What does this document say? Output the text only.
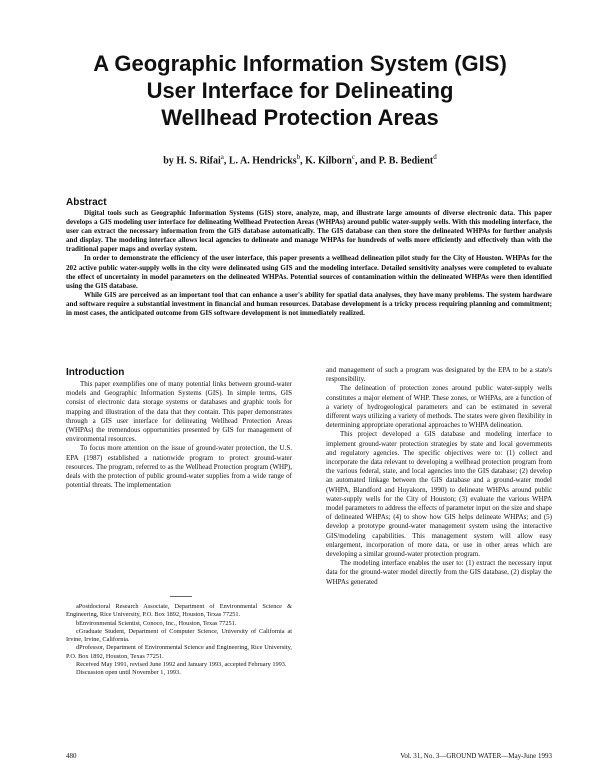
A Geographic Information System (GIS)
User Interface for Delineating
Wellhead Protection Areas
by H. S. Rifai$^a$, L. A. Hendricks$^b$, K. Kilborn$^c$, and P. B. Bedient$^d$
Abstract

Digital tools such as Geographic Information Systems (GIS) store, analyze, map, and illustrate large amounts of diverse electronic data. This paper develops a GIS modeling user interface for delineating Wellhead Protection Areas (WHPAs) around public water-supply wells. With this modeling interface, the user can extract the necessary information from the GIS database automatically. The GIS database can then store the delineated WHPAs for further analysis and display. The modeling interface allows local agencies to delineate and manage WHPAs for hundreds of wells more efficiently and effectively than with the traditional paper maps and overlay system.

In order to demonstrate the efficiency of the user interface, this paper presents a wellhead delineation pilot study for the City of Houston. WHPAs for the 202 active public water-supply wells in the city were delineated using GIS and the modeling interface. Detailed sensitivity analyses were completed to evaluate the effect of uncertainty in model parameters on the delineated WHPAs. Potential sources of contamination within the delineated WHPAs were then identified using the GIS database.

While GIS are perceived as an important tool that can enhance a user's ability for spatial data analyses, they have many problems. The system hardware and software require a substantial investment in financial and human resources. Database development is a tricky process requiring planning and commitment; in most cases, the anticipated outcome from GIS software development is not immediately realized.

Introduction

This paper exemplifies one of many potential links between ground-water models and Geographic Information Systems (GIS). In simple terms, GIS consist of electronic data storage systems or databases and graphic tools for mapping and illustration of the data that they contain. This paper demonstrates through a GIS user interface for delineating Wellhead Protection Areas (WHPAs) the tremendous opportunities presented by GIS for management of environmental resources.

To focus more attention on the issue of ground-water protection, the U.S. EPA (1987) established a nationwide program to protect ground-water resources. The program, referred to as the Wellhead Protection program (WHP), deals with the protection of public ground-water supplies from a wide range of potential threats. The implementation

aPostdoctoral Research Associate, Department of Environmental Science & Engineering, Rice University, P.O. Box 1892, Houston, Texas 77251.

bEnvironmental Scientist, Conoco, Inc., Houston, Texas 77251.

cGraduate Student, Department of Computer Science, University of California at Irvine, Irvine, California.

dProfessor, Department of Environmental Science and Engineering, Rice University, P.O. Box 1892, Houston, Texas 77251.

Received May 1991, revised June 1992 and January 1993, accepted February 1993.

Discussion open until November 1, 1993.

and management of such a program was designated by the EPA to be a state's responsibility.

The delineation of protection zones around public water-supply wells constitutes a major element of WHP. These zones, or WHPAs, are a function of a variety of hydrogeological parameters and can be estimated in several different ways utilizing a variety of methods. The states were given flexibility in determining appropriate operational approaches to WHPA delineation.

This project developed a GIS database and modeling interface to implement ground-water protection strategies by state and local governments and regulatory agencies. The specific objectives were to: (1) collect and incorporate the data relevant to developing a wellhead protection program from the various federal, state, and local agencies into the GIS database; (2) develop an automated linkage between the GIS database and a ground-water model (WHPA, Blandford and Huyakorn, 1990) to delineate WHPAs around public water-supply wells for the City of Houston; (3) evaluate the various WHPA model parameters to address the effects of parameter input on the size and shape of delineated WHPAs; (4) to show how GIS helps delineate WHPAs; and (5) develop a prototype ground-water management system using the interactive GIS/modeling capabilities. This management system will allow easy enlargement, incorporation of more data, or use in other areas which are developing a similar ground-water protection program.

The modeling interface enables the user to: (1) extract the necessary input data for the ground-water model directly from the GIS database, (2) display the WHPAs generated

480	Vol. 31, No. 3—GROUND WATER—May-June 1993
